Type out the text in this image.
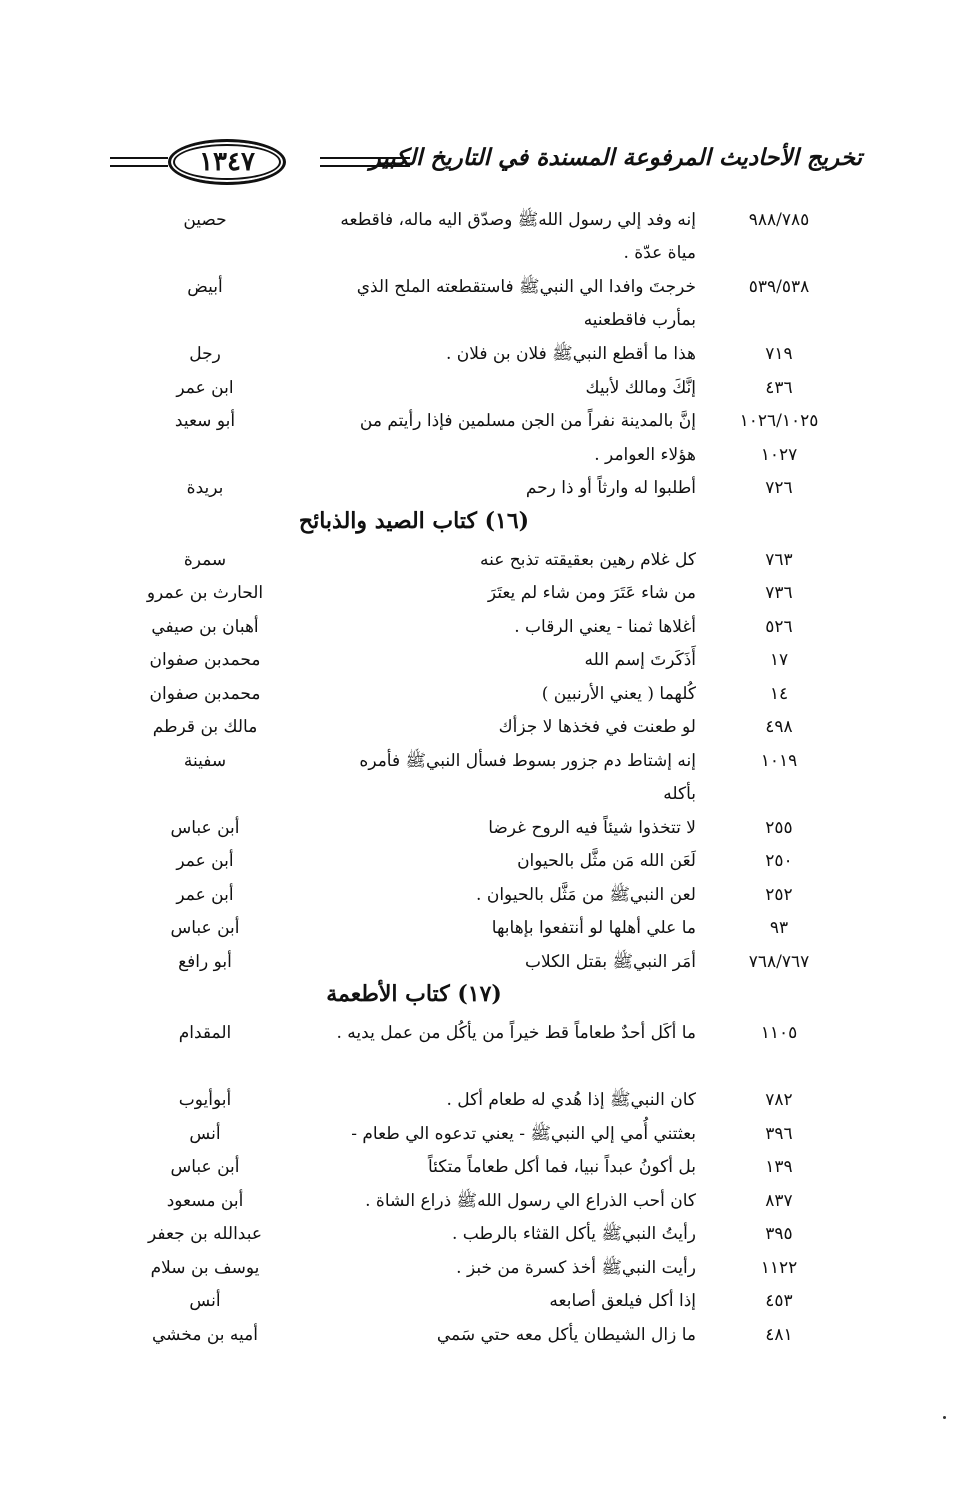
تخريج الأحاديث المرفوعة المسندة في التاريخ الكبير
١٣٤٧
٩٨٨/٧٨٥
إنه وفد إلي رسول اللهﷺ وصدّق اليه ماله، فاقطعه مياة عدّة .
حصين
٥٣٩/٥٣٨
خرجتَ وافدا الي النبيﷺ فاستقطعته الملح الذي بمأرب فاقطعنيه
أبيض
٧١٩
هذا ما أقطع النبيﷺ فلان بن فلان .
رجل
٤٣٦
إنَّكَ ومالك لأبيك
ابن عمر
١٠٢٦/١٠٢٥
إنَّ بالمدينة نفراً من الجن مسلمين فإذا رأيتم من
أبو سعيد
١٠٢٧
هؤلاء العوامر .
٧٢٦
أطلبوا له وارثاً أو ذا رحم
بريدة
(١٦) كتاب الصيد والذبائح
٧٦٣
كل غلام رهين بعقيقته تذبح عنه
سمرة
٧٣٦
من شاء عَتَرَ ومن شاء لم يعتَرَ
الحارث بن عمرو
٥٢٦
أغلاها ثمنا - يعني الرقاب .
أهبان بن صيفي
١٧
أَذَكَرتَ إسم الله
محمدبن صفوان
١٤
كُلهما ( يعني الأرنبين )
محمدبن صفوان
٤٩٨
لو طعنت في فخذها لا جزأك
مالك بن قرطم
١٠١٩
إنه إشتاط دم جزور بسوط فسأل النبيﷺ فأمره بأكله
سفينة
٢٥٥
لا تتخذوا شيئاً فيه الروح غرضا
أبن عباس
٢٥٠
لَعَن الله مَن مثَّل بالحيوان
أبن عمر
٢٥٢
لعن النبيﷺ من مَثَّل بالحيوان .
أبن عمر
٩٣
ما علي أهلها لو أنتفعوا بإهابها
أبن عباس
٧٦٨/٧٦٧
أمَر النبيﷺ بقتل الكلاب
أبو رافع
(١٧) كتاب الأطعمة
١١٠٥
ما أكَل أحدٌ طعاماً قط خيراً من يأكُل من عمل يديه .
المقدام
٧٨٢
كان النبيﷺ إذا هُدي له طعام أكل .
أبوأيوب
٣٩٦
بعثتني أُمي إلي النبيﷺ - يعني تدعوه الي طعام -
أنس
١٣٩
بل أكونُ عبداً نبيا، فما أكل طعاماً متكئاً
أبن عباس
٨٣٧
كان أحب الذراع الي رسول اللهﷺ ذراع الشاة .
أبن مسعود
٣٩٥
رأيتُ النبيﷺ يأكل القثاء بالرطب .
عبدالله بن جعفر
١١٢٢
رأيت النبيﷺ أخذ كسرة من خبز .
يوسف بن سلام
٤٥٣
إذا أكل فيلعق أصابعه
أنس
٤٨١
ما زال الشيطان يأكل معه حتي سَمي
أميه بن مخشي
